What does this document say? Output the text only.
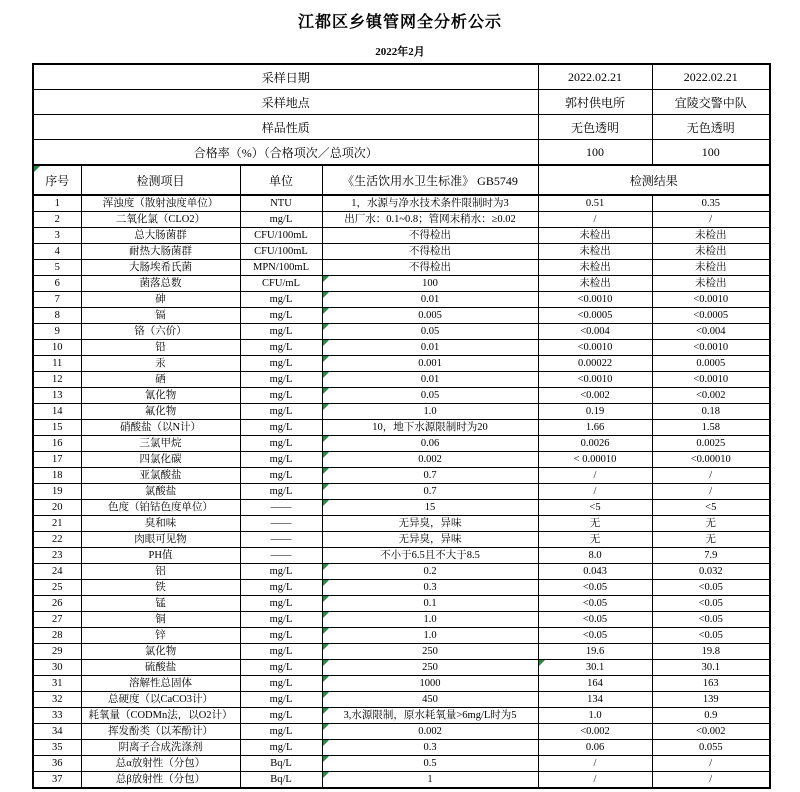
江都区乡镇管网全分析公示
2022年2月
采样日期				2022.02.21	2022.02.21
采样地点				郭村供电所	宜陵交警中队
样品性质				无色透明	无色透明
合格率（%）（合格项次／总项次）				100	100

序号	检测项目	单位	《生活饮用水卫生标准》 GB5749	检测结果	
1	浑浊度（散射浊度单位）	NTU	1，水源与净水技术条件限制时为3	0.51	0.35
2	二氧化氯（CLO2）	mg/L	出厂水：0.1~0.8；管网末稍水：≥0.02	/	/
3	总大肠菌群	CFU/100mL	不得检出	未检出	未检出
4	耐热大肠菌群	CFU/100mL	不得检出	未检出	未检出
5	大肠埃希氏菌	MPN/100mL	不得检出	未检出	未检出
6	菌落总数	CFU/mL	100	未检出	未检出
7	砷	mg/L	0.01	<0.0010	<0.0010
8	镉	mg/L	0.005	<0.0005	<0.0005
9	铬（六价）	mg/L	0.05	<0.004	<0.004
10	铅	mg/L	0.01	<0.0010	<0.0010
11	汞	mg/L	0.001	0.00022	0.0005
12	硒	mg/L	0.01	<0.0010	<0.0010
13	氰化物	mg/L	0.05	<0.002	<0.002
14	氟化物	mg/L	1.0	0.19	0.18
15	硝酸盐（以N计）	mg/L	10，地下水源限制时为20	1.66	1.58
16	三氯甲烷	mg/L	0.06	0.0026	0.0025
17	四氯化碳	mg/L	0.002	< 0.00010	<0.00010
18	亚氯酸盐	mg/L	0.7	/	/
19	氯酸盐	mg/L	0.7	/	/
20	色度（铂钴色度单位）	——	15	<5	<5
21	臭和味	——	无异臭，异味	无	无
22	肉眼可见物	——	无异臭，异味	无	无
23	PH值	——	不小于6.5且不大于8.5	8.0	7.9
24	铝	mg/L	0.2	0.043	0.032
25	铁	mg/L	0.3	<0.05	<0.05
26	锰	mg/L	0.1	<0.05	<0.05
27	铜	mg/L	1.0	<0.05	<0.05
28	锌	mg/L	1.0	<0.05	<0.05
29	氯化物	mg/L	250	19.6	19.8
30	硫酸盐	mg/L	250	30.1	30.1
31	溶解性总固体	mg/L	1000	164	163
32	总硬度（以CaCO3计）	mg/L	450	134	139
33	耗氧量（CODMn法，以O2计）	mg/L	3,水源限制，原水耗氧量>6mg/L时为5	1.0	0.9
34	挥发酚类（以苯酚计）	mg/L	0.002	<0.002	<0.002
35	阴离子合成洗涤剂	mg/L	0.3	0.06	0.055
36	总α放射性（分包）	Bq/L	0.5	/	/
37	总β放射性（分包）	Bq/L	1	/	/
